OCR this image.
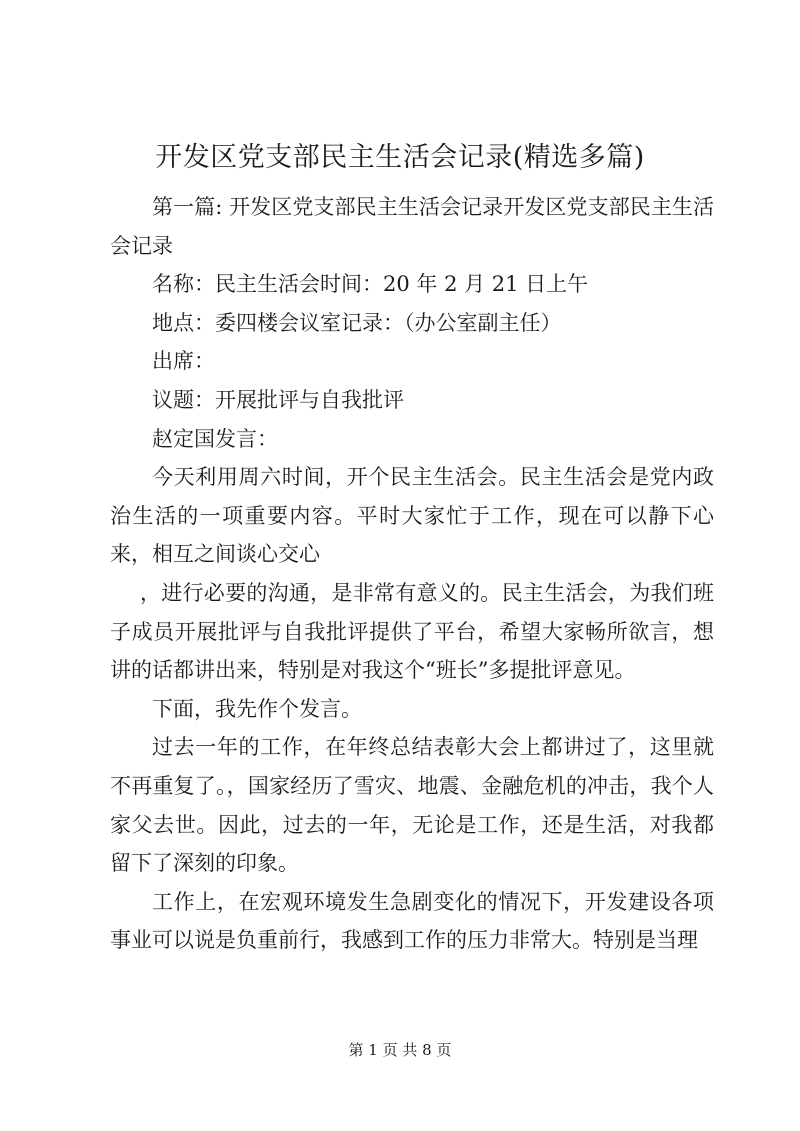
开发区党支部民主生活会记录(精选多篇)

第一篇: 开发区党支部民主生活会记录开发区党支部民主生活会记录

名称：民主生活会时间：20 年 2 月 21 日上午

地点：委四楼会议室记录：（办公室副主任）

出席：

议题：开展批评与自我批评

赵定国发言：

今天利用周六时间，开个民主生活会。民主生活会是党内政治生活的一项重要内容。平时大家忙于工作，现在可以静下心来，相互之间谈心交心

，进行必要的沟通，是非常有意义的。民主生活会，为我们班子成员开展批评与自我批评提供了平台，希望大家畅所欲言，想讲的话都讲出来，特别是对我这个“班长”多提批评意见。

下面，我先作个发言。

过去一年的工作，在年终总结表彰大会上都讲过了，这里就不再重复了。，国家经历了雪灾、地震、金融危机的冲击，我个人家父去世。因此，过去的一年，无论是工作，还是生活，对我都留下了深刻的印象。

工作上，在宏观环境发生急剧变化的情况下，开发建设各项事业可以说是负重前行，我感到工作的压力非常大。特别是当理

第 1 页 共 8 页
